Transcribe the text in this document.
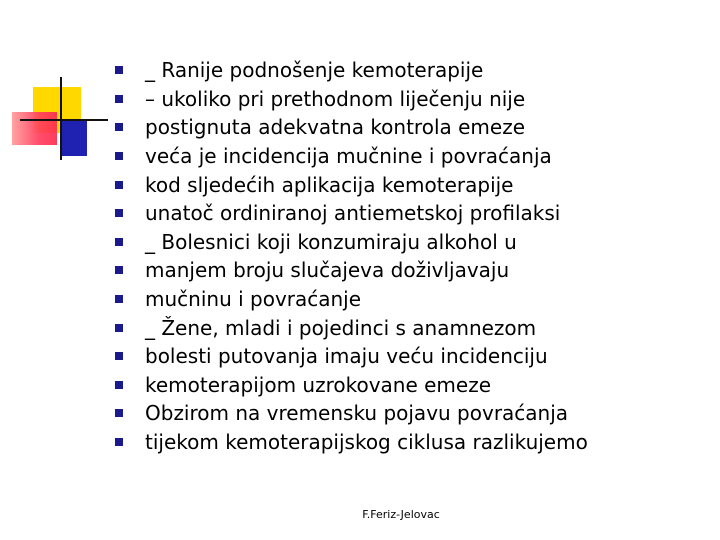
_ Ranije podnošenje kemoterapije
– ukoliko pri prethodnom liječenju nije
postignuta adekvatna kontrola emeze
veća je incidencija mučnine i povraćanja
kod sljedećih aplikacija kemoterapije
unatoč ordiniranoj antiemetskoj profilaksi
_ Bolesnici koji konzumiraju alkohol u
manjem broju slučajeva doživljavaju
mučninu i povraćanje
_ Žene, mladi i pojedinci s anamnezom
bolesti putovanja imaju veću incidenciju
kemoterapijom uzrokovane emeze
Obzirom na vremensku pojavu povraćanja
tijekom kemoterapijskog ciklusa razlikujemo
F.Feriz-Jelovac
